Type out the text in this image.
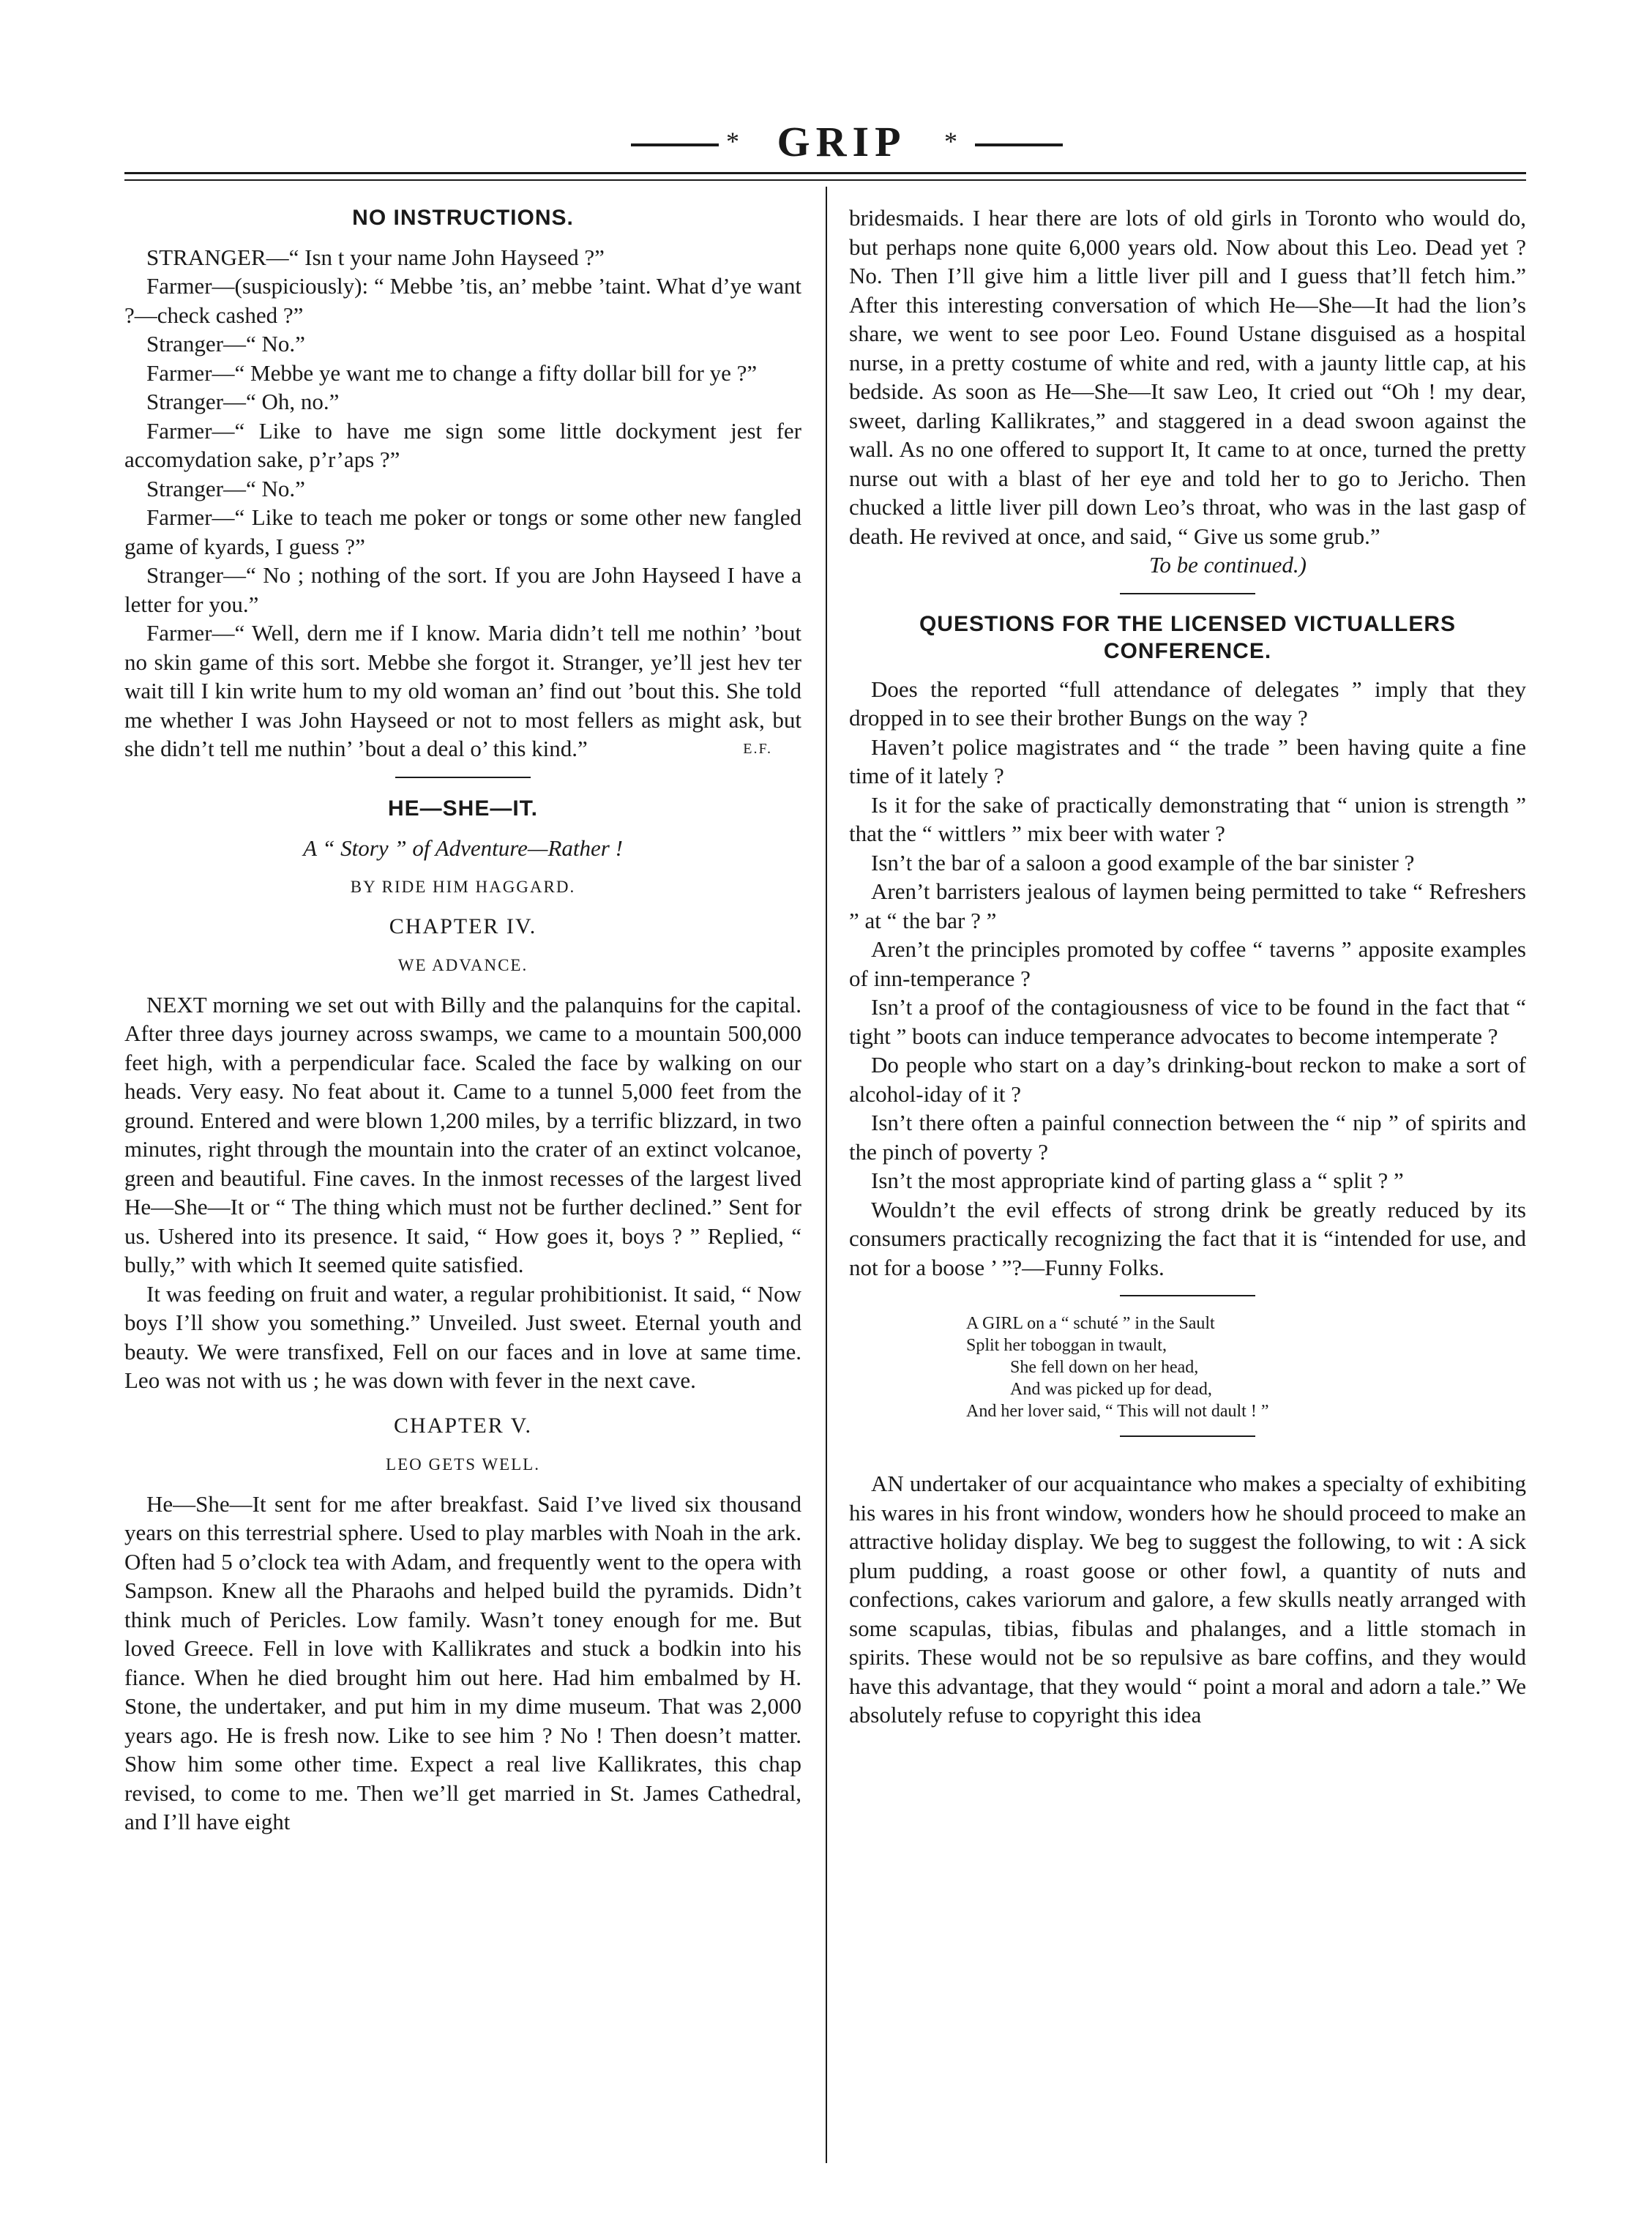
* GRIP	*
NO INSTRUCTIONS.

STRANGER—“ Isn t your name John Hayseed ?”

Farmer—(suspiciously): “ Mebbe ’tis, an’ mebbe ’taint. What d’ye want ?—check cashed ?”

Stranger—“ No.”

Farmer—“ Mebbe ye want me to change a fifty dollar bill for ye ?”

Stranger—“ Oh, no.”

Farmer—“ Like to have me sign some little dockyment jest fer accomydation sake, p’r’aps ?”

Stranger—“ No.”

Farmer—“ Like to teach me poker or tongs or some other new fangled game of kyards, I guess ?”

Stranger—“ No ; nothing of the sort. If you are John Hayseed I have a letter for you.”

Farmer—“ Well, dern me if I know. Maria didn’t tell me nothin’ ’bout no skin game of this sort. Mebbe she forgot it. Stranger, ye’ll jest hev ter wait till I kin write hum to my old woman an’ find out ’bout this. She told me whether I was John Hayseed or not to most fellers as might ask, but she didn’t tell me nuthin’ ’bout a deal o’ this kind.”	E.F.
HE—SHE—IT.

A “ Story ” of Adventure—Rather !

BY RIDE HIM HAGGARD.

CHAPTER IV.

WE ADVANCE.

NEXT morning we set out with Billy and the palanquins for the capital. After three days journey across swamps, we came to a mountain 500,000 feet high, with a perpendicular face. Scaled the face by walking on our heads. Very easy. No feat about it. Came to a tunnel 5,000 feet from the ground. Entered and were blown 1,200 miles, by a terrific blizzard, in two minutes, right through the mountain into the crater of an extinct volcanoe, green and beautiful. Fine caves. In the inmost recesses of the largest lived He—She—It or “ The thing which must not be further declined.” Sent for us. Ushered into its presence. It said, “ How goes it, boys ? ” Replied, “ bully,” with which It seemed quite satisfied.

It was feeding on fruit and water, a regular prohibitionist. It said, “ Now boys I’ll show you something.” Unveiled. Just sweet. Eternal youth and beauty. We were transfixed, Fell on our faces and in love at same time. Leo was not with us ; he was down with fever in the next cave.

CHAPTER V.

LEO GETS WELL.

He—She—It sent for me after breakfast. Said I’ve lived six thousand years on this terrestrial sphere. Used to play marbles with Noah in the ark. Often had 5 o’clock tea with Adam, and frequently went to the opera with Sampson. Knew all the Pharaohs and helped build the pyramids. Didn’t think much of Pericles. Low family. Wasn’t toney enough for me. But loved Greece. Fell in love with Kallikrates and stuck a bodkin into his fiance. When he died brought him out here. Had him embalmed by H. Stone, the undertaker, and put him in my dime museum. That was 2,000 years ago. He is fresh now. Like to see him ? No ! Then doesn’t matter. Show him some other time. Expect a real live Kallikrates, this chap revised, to come to me. Then we’ll get married in St. James Cathedral, and I’ll have eight

bridesmaids. I hear there are lots of old girls in Toronto who would do, but perhaps none quite 6,000 years old. Now about this Leo. Dead yet ? No. Then I’ll give him a little liver pill and I guess that’ll fetch him.” After this interesting conversation of which He—She—It had the lion’s share, we went to see poor Leo. Found Ustane disguised as a hospital nurse, in a pretty costume of white and red, with a jaunty little cap, at his bedside. As soon as He—She—It saw Leo, It cried out “Oh ! my dear, sweet, darling Kallikrates,” and staggered in a dead swoon against the wall. As no one offered to support It, It came to at once, turned the pretty nurse out with a blast of her eye and told her to go to Jericho. Then chucked a little liver pill down Leo’s throat, who was in the last gasp of death. He revived at once, and said, “ Give us some grub.”

To be continued.)

QUESTIONS FOR THE LICENSED VICTUALLERS
CONFERENCE.

Does the reported “full attendance of delegates ” imply that they dropped in to see their brother Bungs on the way ?

Haven’t police magistrates and “ the trade ” been having quite a fine time of it lately ?

Is it for the sake of practically demonstrating that “ union is strength ” that the “ wittlers ” mix beer with water ?

Isn’t the bar of a saloon a good example of the bar sinister ?

Aren’t barristers jealous of laymen being permitted to take “ Refreshers ” at “ the bar ? ”

Aren’t the principles promoted by coffee “ taverns ” apposite examples of inn-temperance ?

Isn’t a proof of the contagiousness of vice to be found in the fact that “ tight ” boots can induce temperance advocates to become intemperate ?

Do people who start on a day’s drinking-bout reckon to make a sort of alcohol-iday of it ?

Isn’t there often a painful connection between the “ nip ” of spirits and the pinch of poverty ?

Isn’t the most appropriate kind of parting glass a “ split ? ”

Wouldn’t the evil effects of strong drink be greatly reduced by its consumers practically recognizing the fact that it is “intended for use, and not for a boose ’ ”?—Funny Folks.

A GIRL on a “ schuté ” in the Sault
Split her toboggan in twault,
She fell down on her head,
And was picked up for dead,
And her lover said, “ This will not dault ! ”

AN undertaker of our acquaintance who makes a specialty of exhibiting his wares in his front window, wonders how he should proceed to make an attractive holiday display. We beg to suggest the following, to wit : A sick plum pudding, a roast goose or other fowl, a quantity of nuts and confections, cakes variorum and galore, a few skulls neatly arranged with some scapulas, tibias, fibulas and phalanges, and a little stomach in spirits. These would not be so repulsive as bare coffins, and they would have this advantage, that they would “ point a moral and adorn a tale.” We absolutely refuse to copyright this idea
